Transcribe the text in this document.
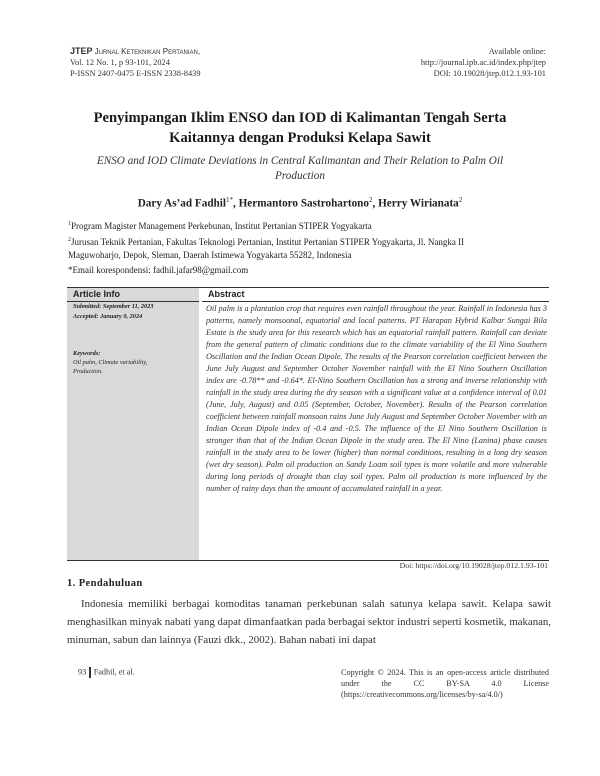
JTEP Jurnal Keteknikan Pertanian,
Vol. 12 No. 1, p 93-101, 2024
P-ISSN 2407-0475 E-ISSN 2338-8439
Available online:
http://journal.ipb.ac.id/index.php/jtep
DOI: 10.19028/jtep.012.1.93-101
Penyimpangan Iklim ENSO dan IOD di Kalimantan Tengah Serta
Kaitannya dengan Produksi Kelapa Sawit
ENSO and IOD Climate Deviations in Central Kalimantan and Their Relation to Palm Oil
Production
Dary As’ad Fadhil$^{1*}$, Hermantoro Sastrohartono$^2$, Herry Wirianata$^2$
$^1$Program Magister Management Perkebunan, Institut Pertanian STIPER Yogyakarta
$^2$Jurusan Teknik Pertanian, Fakultas Teknologi Pertanian, Institut Pertanian STIPER Yogyakarta, Jl. Nangka II
Maguwoharjo, Depok, Sleman, Daerah Istimewa Yogyakarta 55282, Indonesia
*Email korespondensi: fadhil.jafar98@gmail.com
Article Info
Submitted: September 11, 2023
Accepted: January 9, 2024
Keywords:
Oil palm, Climate variability,
Production.
Abstract
Oil palm is a plantation crop that requires even rainfall throughout the year. Rainfall in Indonesia has 3 patterns, namely monsoonal, equatorial and local patterns. PT Harapan Hybrid Kalbar Sungai Bila Estate is the study area for this research which has an equatorial rainfall pattern. Rainfall can deviate from the general pattern of climatic conditions due to the climate variability of the El Nino Southern Oscillation and the Indian Ocean Dipole. The results of the Pearson correlation coefficient between the June July August and September October November rainfall with the El Nino Southern Oscillation index are -0.78** and -0.64*. El-Nino Southern Oscillation has a strong and inverse relationship with rainfall in the study area during the dry season with a significant value at a confidence interval of 0.01 (June, July, August) and 0.05 (September, October, November). Results of the Pearson correlation coefficient between rainfall monsoon rains June July August and September October November with an Indian Ocean Dipole index of -0.4 and -0.5. The influence of the El Nino Southern Oscillation is stronger than that of the Indian Ocean Dipole in the study area. The El Nino (Lanina) phase causes rainfall in the study area to be lower (higher) than normal conditions, resulting in a long dry season (wet dry season). Palm oil production on Sandy Loam soil types is more volatile and more vulnerable during long periods of drought than clay soil types. Palm oil production is more influenced by the number of rainy days than the amount of accumulated rainfall in a year.
Doi: https://doi.org/10.19028/jtep.012.1.93-101
1. Pendahuluan
Indonesia memiliki berbagai komoditas tanaman perkebunan salah satunya kelapa sawit. Kelapa sawit menghasilkan minyak nabati yang dapat dimanfaatkan pada berbagai sektor industri seperti kosmetik, makanan, minuman, sabun dan lainnya (Fauzi dkk., 2002). Bahan nabati ini dapat
93 Fadhil, et al.	Copyright © 2024. This is an open-access article distributed under the CC BY-SA 4.0 License (https://creativecommons.org/licenses/by-sa/4.0/)
